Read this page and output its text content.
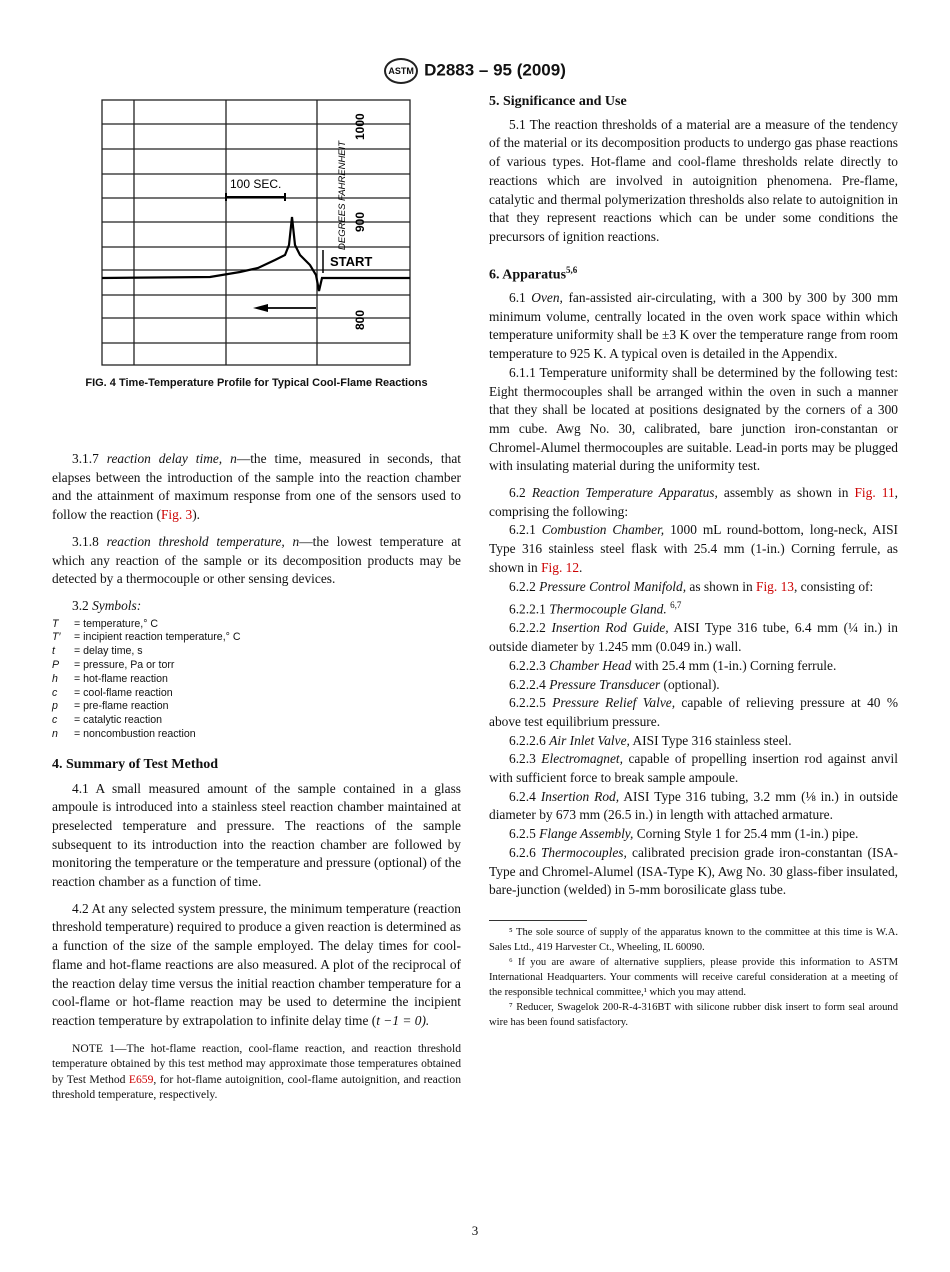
ASTM D2883 – 95 (2009)
100 SEC.
START
1000
900
800
DEGREES FAHRENHEIT
FIG. 4 Time-Temperature Profile for Typical Cool-Flame Reactions

3.1.7 reaction delay time, n—the time, measured in seconds, that elapses between the introduction of the sample into the reaction chamber and the attainment of maximum response from one of the sensors used to follow the reaction (Fig. 3).

3.1.8 reaction threshold temperature, n—the lowest temperature at which any reaction of the sample or its decomposition products may be detected by a thermocouple or other sensing devices.

3.2 Symbols:

T	= temperature,° C
T′	= incipient reaction temperature,° C
t	= delay time, s
P	= pressure, Pa or torr
h	= hot-flame reaction
c	= cool-flame reaction
p	= pre-flame reaction
c	= catalytic reaction
n	= noncombustion reaction
4. Summary of Test Method

4.1 A small measured amount of the sample contained in a glass ampoule is introduced into a stainless steel reaction chamber maintained at preselected temperature and pressure. The reactions of the sample subsequent to its introduction into the reaction chamber are followed by monitoring the temperature or the temperature and pressure (optional) of the reaction chamber as a function of time.

4.2 At any selected system pressure, the minimum temperature (reaction threshold temperature) required to produce a given reaction is determined as a function of the size of the sample employed. The delay times for cool-flame and hot-flame reactions are also measured. A plot of the reciprocal of the reaction delay time versus the initial reaction chamber temperature for a cool-flame or hot-flame reaction may be used to determine the incipient reaction temperature by extrapolation to infinite delay time (t −1 = 0).

NOTE 1—The hot-flame reaction, cool-flame reaction, and reaction threshold temperature obtained by this test method may approximate those temperatures obtained by Test Method E659, for hot-flame autoignition, cool-flame autoignition, and reaction threshold temperature, respectively.
5. Significance and Use

5.1 The reaction thresholds of a material are a measure of the tendency of the material or its decomposition products to undergo gas phase reactions of various types. Hot-flame and cool-flame thresholds relate directly to reactions which are involved in autoignition phenomena. Pre-flame, catalytic and thermal polymerization thresholds also relate to autoignition in that they represent reactions which can be under some conditions the precursors of ignition reactions.

6. Apparatus$^{5,6}$

6.1 Oven, fan-assisted air-circulating, with a 300 by 300 by 300 mm minimum volume, centrally located in the oven work space within which temperature uniformity shall be ±3 K over the temperature range from room temperature to 925 K. A typical oven is detailed in the Appendix.

6.1.1 Temperature uniformity shall be determined by the following test: Eight thermocouples shall be arranged within the oven in such a manner that they shall be located at positions designated by the corners of a 300 mm cube. Awg No. 30, calibrated, bare junction iron-constantan or Chromel-Alumel thermocouples are suitable. Lead-in ports may be plugged with insulating material during the uniformity test.

6.2 Reaction Temperature Apparatus, assembly as shown in Fig. 11, comprising the following:

6.2.1 Combustion Chamber, 1000 mL round-bottom, long-neck, AISI Type 316 stainless steel flask with 25.4 mm (1-in.) Corning ferrule, as shown in Fig. 12.

6.2.2 Pressure Control Manifold, as shown in Fig. 13, consisting of:

6.2.2.1 Thermocouple Gland. $^{6,7}$

6.2.2.2 Insertion Rod Guide, AISI Type 316 tube, 6.4 mm (¼ in.) in outside diameter by 1.245 mm (0.049 in.) wall.

6.2.2.3 Chamber Head with 25.4 mm (1-in.) Corning ferrule.

6.2.2.4 Pressure Transducer (optional).

6.2.2.5 Pressure Relief Valve, capable of relieving pressure at 40 % above test equilibrium pressure.

6.2.2.6 Air Inlet Valve, AISI Type 316 stainless steel.

6.2.3 Electromagnet, capable of propelling insertion rod against anvil with sufficient force to break sample ampoule.

6.2.4 Insertion Rod, AISI Type 316 tubing, 3.2 mm (⅛ in.) in outside diameter by 673 mm (26.5 in.) in length with attached armature.

6.2.5 Flange Assembly, Corning Style 1 for 25.4 mm (1-in.) pipe.

6.2.6 Thermocouples, calibrated precision grade iron-constantan (ISA-Type and Chromel-Alumel (ISA-Type K), Awg No. 30 glass-fiber insulated, bare-junction (welded) in 5-mm borosilicate glass tube.

⁵ The sole source of supply of the apparatus known to the committee at this time is W.A. Sales Ltd., 419 Harvester Ct., Wheeling, IL 60090.
⁶ If you are aware of alternative suppliers, please provide this information to ASTM International Headquarters. Your comments will receive careful consideration at a meeting of the responsible technical committee,¹ which you may attend.
⁷ Reducer, Swagelok 200-R-4-316BT with silicone rubber disk insert to form seal around wire has been found satisfactory.
3
